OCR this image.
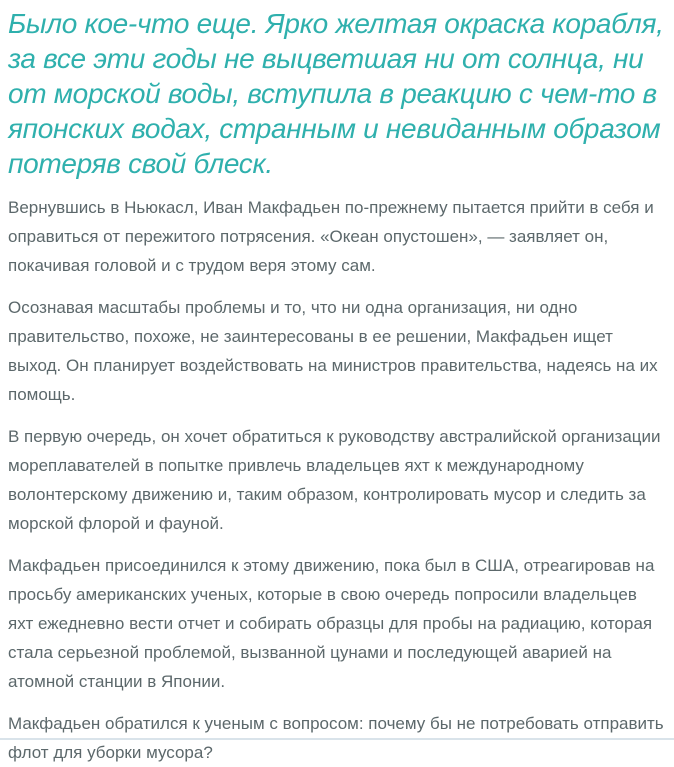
Было кое-что еще. Ярко желтая окраска корабля, за все эти годы не выцветшая ни от солнца, ни от морской воды, вступила в реакцию с чем-то в японских водах, странным и невиданным образом потеряв свой блеск.

Вернувшись в Ньюкасл, Иван Макфадьен по-прежнему пытается прийти в себя и оправиться от пережитого потрясения. «Океан опустошен», — заявляет он, покачивая головой и с трудом веря этому сам.

Осознавая масштабы проблемы и то, что ни одна организация, ни одно правительство, похоже, не заинтересованы в ее решении, Макфадьен ищет выход. Он планирует воздействовать на министров правительства, надеясь на их помощь.

В первую очередь, он хочет обратиться к руководству австралийской организации мореплавателей в попытке привлечь владельцев яхт к международному волонтерскому движению и, таким образом, контролировать мусор и следить за морской флорой и фауной.

Макфадьен присоединился к этому движению, пока был в США, отреагировав на просьбу американских ученых, которые в свою очередь попросили владельцев яхт ежедневно вести отчет и собирать образцы для пробы на радиацию, которая стала серьезной проблемой, вызванной цунами и последующей аварией на атомной станции в Японии.

Макфадьен обратился к ученым с вопросом: почему бы не потребовать отправить флот для уборки мусора?
